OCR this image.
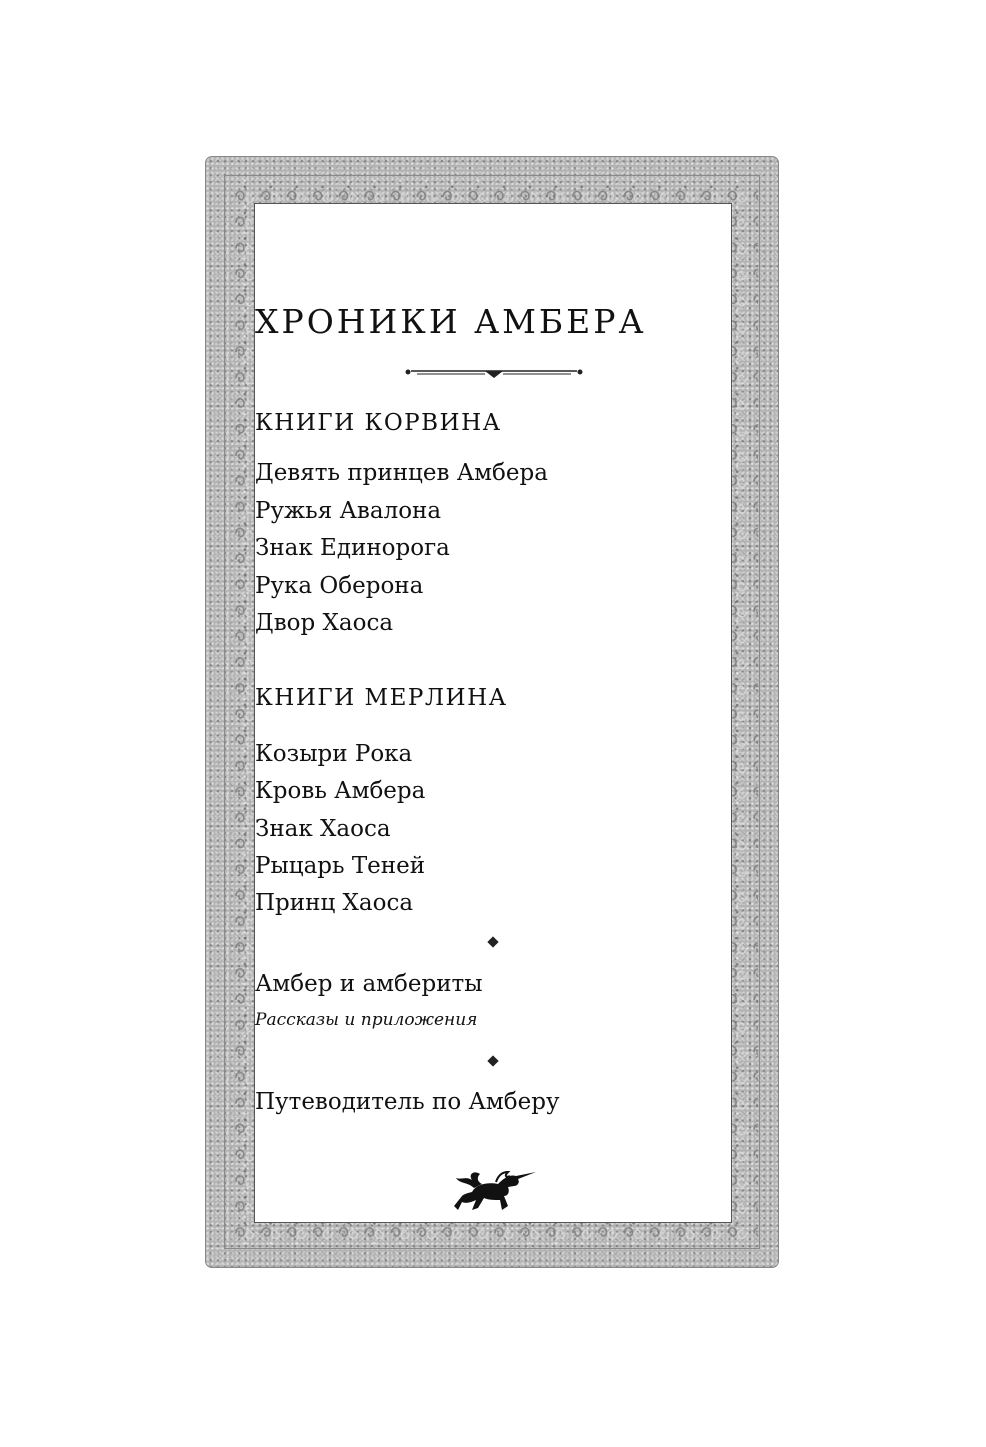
ХРОНИКИ АМБЕРА
КНИГИ КОРВИНА
Девять принцев Амбера
Ружья Авалона
Знак Единорога
Рука Оберона
Двор Хаоса
КНИГИ МЕРЛИНА
Козыри Рока
Кровь Амбера
Знак Хаоса
Рыцарь Теней
Принц Хаоса
Амбер и амбериты
Рассказы и приложения
Путеводитель по Амберу
